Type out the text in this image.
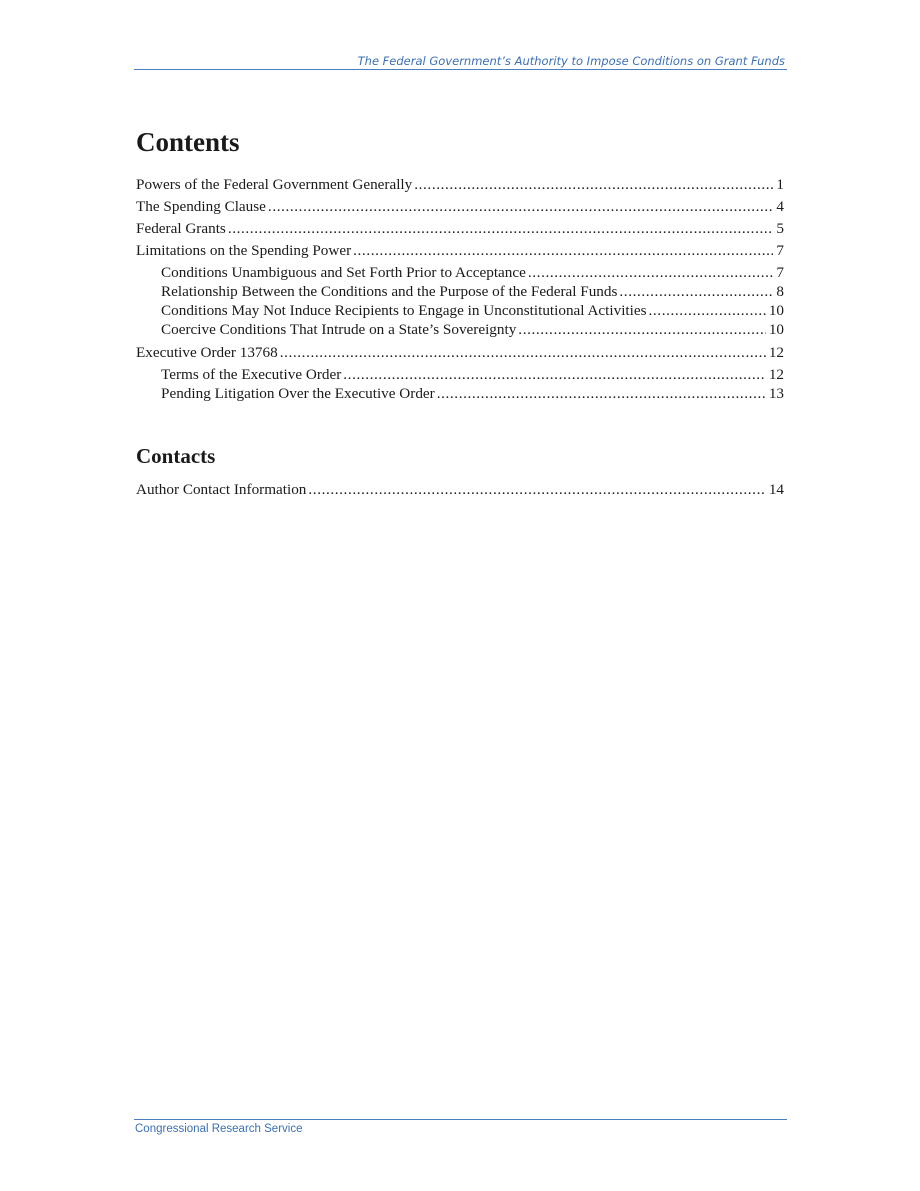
The Federal Government’s Authority to Impose Conditions on Grant Funds
Contents
Powers of the Federal Government Generally . . .	1
The Spending Clause . . .	4
Federal Grants . . .	5
Limitations on the Spending Power . . .	7
Conditions Unambiguous and Set Forth Prior to Acceptance . . .	7
Relationship Between the Conditions and the Purpose of the Federal Funds . . .	8
Conditions May Not Induce Recipients to Engage in Unconstitutional Activities . . .	10
Coercive Conditions That Intrude on a State’s Sovereignty . . .	10
Executive Order 13768 . . .	12
Terms of the Executive Order . . .	12
Pending Litigation Over the Executive Order . . .	13
Contacts
Author Contact Information . . .	14
Congressional Research Service
